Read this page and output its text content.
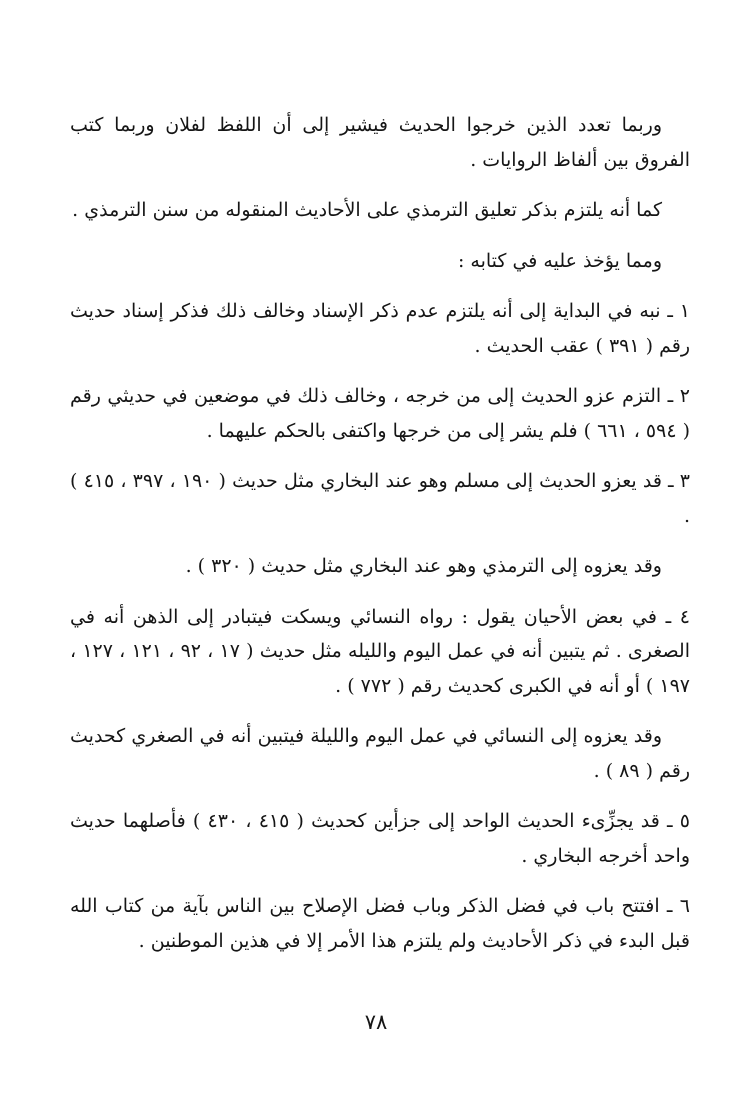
وربما تعدد الذين خرجوا الحديث فيشير إلى أن اللفظ لفلان وربما كتب الفروق بين ألفاظ الروايات .

كما أنه يلتزم بذكر تعليق الترمذي على الأحاديث المنقوله من سنن الترمذي .

ومما يؤخذ عليه في كتابه :

١ ـ نبه في البداية إلى أنه يلتزم عدم ذكر الإسناد وخالف ذلك فذكر إسناد حديث رقم ( ٣٩١ ) عقب الحديث .

٢ ـ التزم عزو الحديث إلى من خرجه ، وخالف ذلك في موضعين في حديثي رقم ( ٥٩٤ ، ٦٦١ ) فلم يشر إلى من خرجها واكتفى بالحكم عليهما .

٣ ـ قد يعزو الحديث إلى مسلم وهو عند البخاري مثل حديث ( ١٩٠ ، ٣٩٧ ، ٤١٥ ) .

وقد يعزوه إلى الترمذي وهو عند البخاري مثل حديث ( ٣٢٠ ) .

٤ ـ في بعض الأحيان يقول : رواه النسائي ويسكت فيتبادر إلى الذهن أنه في الصغرى . ثم يتبين أنه في عمل اليوم والليله مثل حديث ( ١٧ ، ٩٢ ، ١٢١ ، ١٢٧ ، ١٩٧ ) أو أنه في الكبرى كحديث رقم ( ٧٧٢ ) .

وقد يعزوه إلى النسائي في عمل اليوم والليلة فيتبين أنه في الصغري كحديث رقم ( ٨٩ ) .

٥ ـ قد يجزِّىء الحديث الواحد إلى جزأين كحديث ( ٤١٥ ، ٤٣٠ ) فأصلهما حديث واحد أخرجه البخاري .

٦ ـ افتتح باب في فضل الذكر وباب فضل الإصلاح بين الناس بآية من كتاب الله قبل البدء في ذكر الأحاديث ولم يلتزم هذا الأمر إلا في هذين الموطنين .

٧٨
